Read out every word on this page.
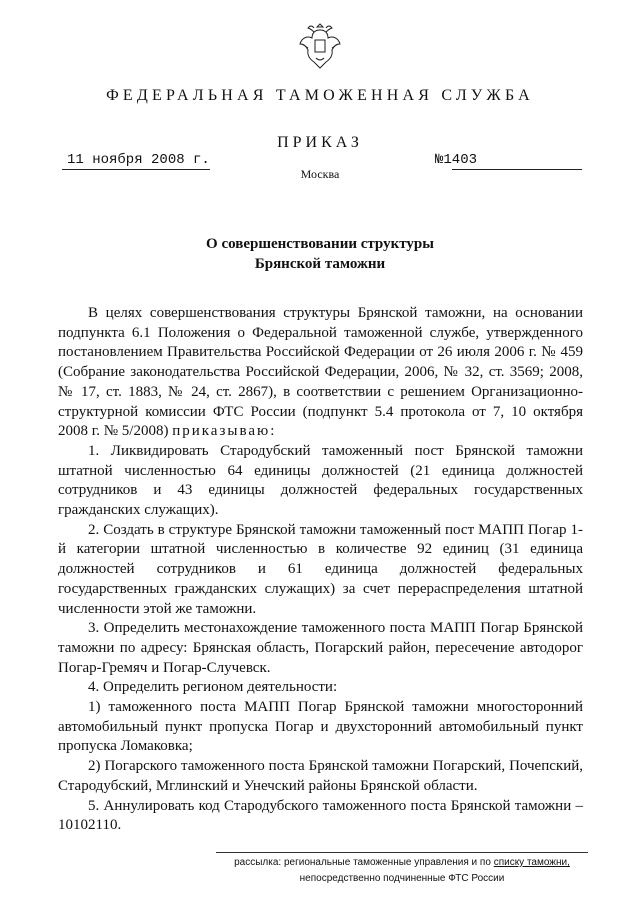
ФЕДЕРАЛЬНАЯ ТАМОЖЕННАЯ СЛУЖБА
ПРИКАЗ
11 ноября 2008 г.	№1403
Москва
О совершенствовании структуры
Брянской таможни

В целях совершенствования структуры Брянской таможни, на основании подпункта 6.1 Положения о Федеральной таможенной службе, утвержденного постановлением Правительства Российской Федерации от 26 июля 2006 г. № 459 (Собрание законодательства Российской Федерации, 2006, № 32, ст. 3569; 2008, № 17, ст. 1883, № 24, ст. 2867), в соответствии с решением Организационно-структурной комиссии ФТС России (подпункт 5.4 протокола от 7, 10 октября 2008 г. № 5/2008) приказываю:

1. Ликвидировать Стародубский таможенный пост Брянской таможни штатной численностью 64 единицы должностей (21 единица должностей сотрудников и 43 единицы должностей федеральных государственных гражданских служащих).

2. Создать в структуре Брянской таможни таможенный пост МАПП Погар 1-й категории штатной численностью в количестве 92 единиц (31 единица должностей сотрудников и 61 единица должностей федеральных государственных гражданских служащих) за счет перераспределения штатной численности этой же таможни.

3. Определить местонахождение таможенного поста МАПП Погар Брянской таможни по адресу: Брянская область, Погарский район, пересечение автодорог Погар-Гремяч и Погар-Случевск.

4. Определить регионом деятельности:

1) таможенного поста МАПП Погар Брянской таможни многосторонний автомобильный пункт пропуска Погар и двухсторонний автомобильный пункт пропуска Ломаковка;

2) Погарского таможенного поста Брянской таможни Погарский, Почепский, Стародубский, Мглинский и Унечский районы Брянской области.

5. Аннулировать код Стародубского таможенного поста Брянской таможни – 10102110.

рассылка: региональные таможенные управления и по списку таможни,
непосредственно подчиненные ФТС России
